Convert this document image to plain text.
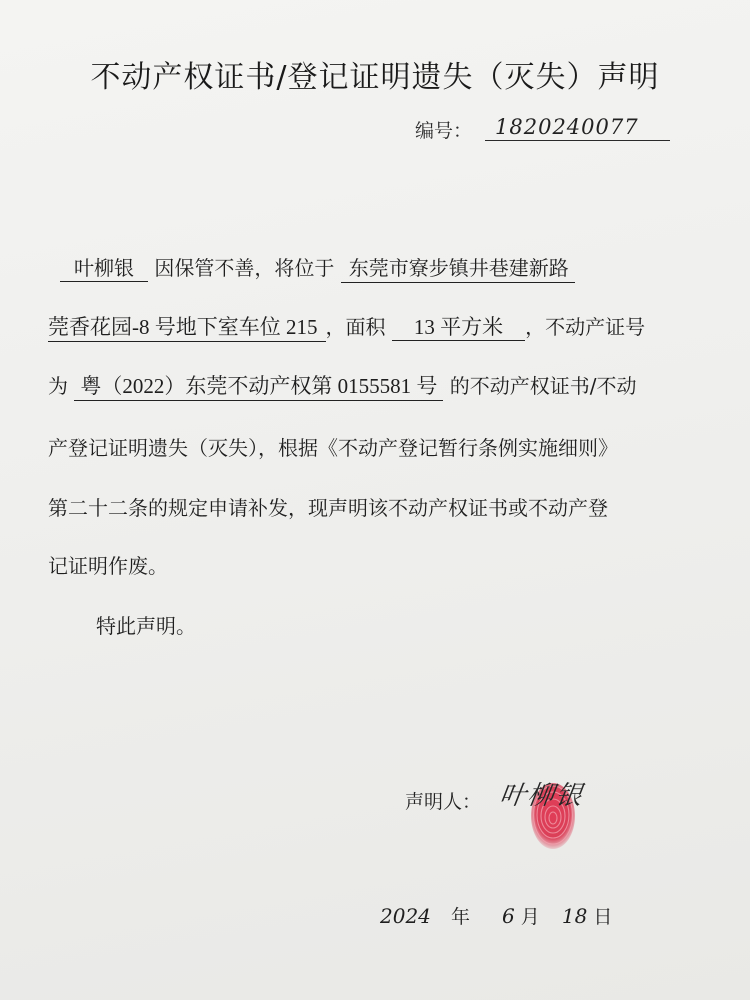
不动产权证书/登记证明遗失（灭失）声明
编号：	1820240077
叶柳银 因保管不善，将位于 东莞市寮步镇井巷建新路
莞香花园-8 号地下室车位 215 ，面积 13 平方米 ，不动产证号
为 粤（2022）东莞不动产权第 0155581 号 的不动产权证书/不动
产登记证明遗失（灭失），根据《不动产登记暂行条例实施细则》
第二十二条的规定申请补发，现声明该不动产权证书或不动产登
记证明作废。
特此声明。
声明人： 叶柳银
2024 年 6 月 18 日
